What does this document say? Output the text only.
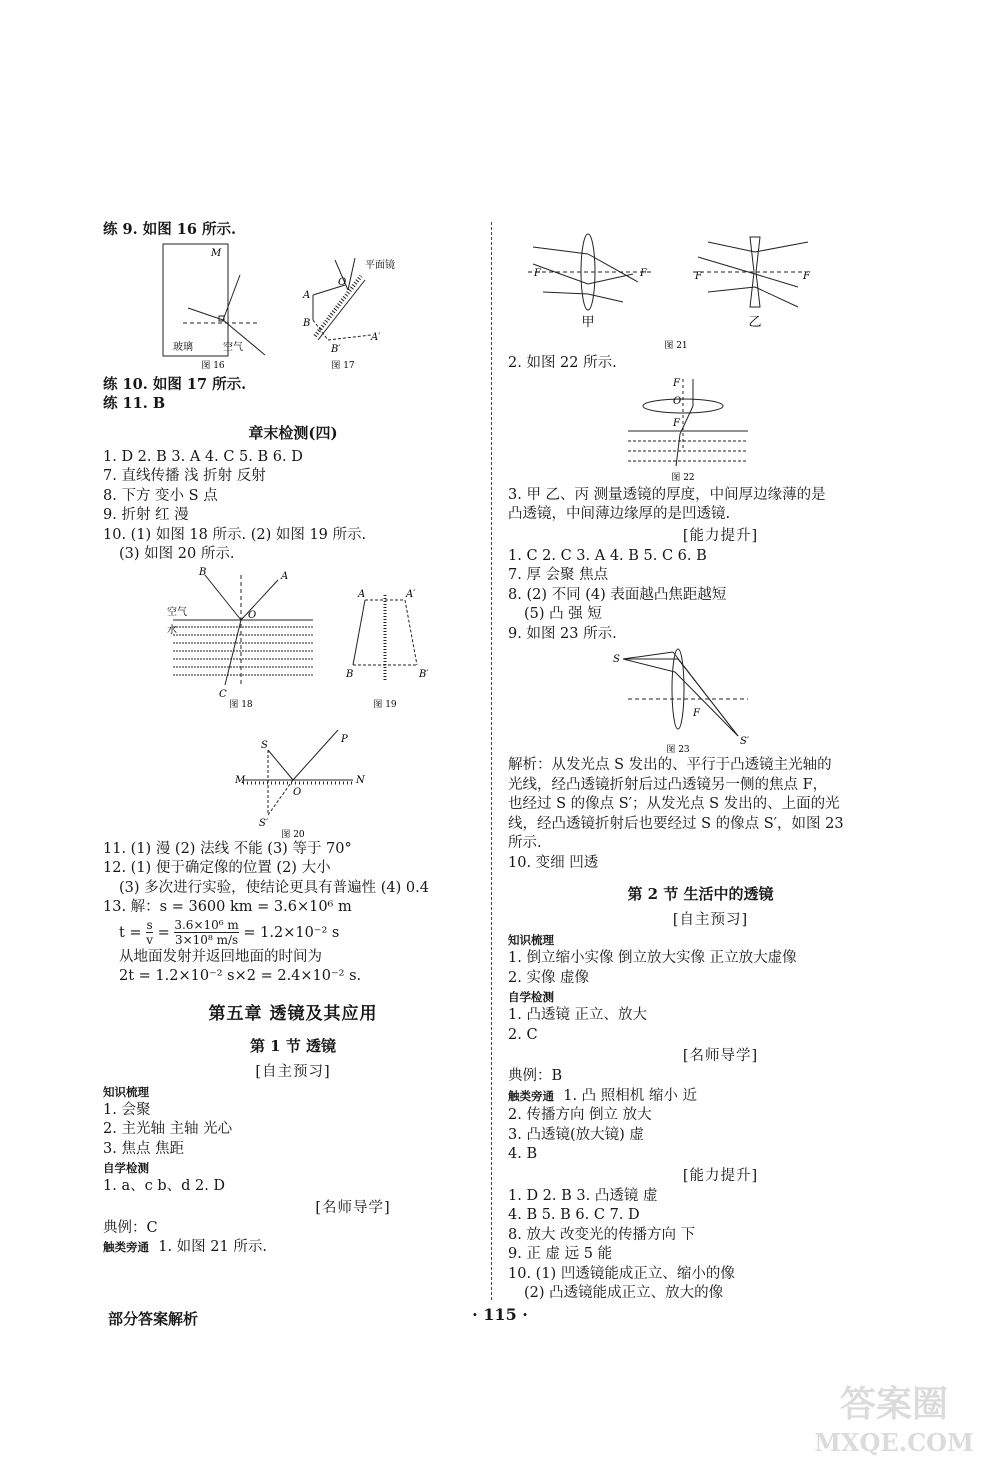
练 9. 如图 16 所示.
M
玻璃	空气
图 16
O
平面镜
A
B
A′
B′
图 17
练 10. 如图 17 所示.
练 11. B
章末检测(四)
1. D 2. B 3. A 4. C 5. B 6. D
7. 直线传播 浅 折射 反射
8. 下方 变小 S 点
9. 折射 红 漫
10. (1) 如图 18 所示. (2) 如图 19 所示.
(3) 如图 20 所示.
B	A
O
C
空气
水
图 18
A	A′
B	B′
图 19
S
P
M	N
O
S′
图 20
11. (1) 漫 (2) 法线 不能 (3) 等于 70°
12. (1) 便于确定像的位置 (2) 大小
(3) 多次进行实验，使结论更具有普遍性 (4) 0.4
13. 解：s = 3600 km = 3.6×10⁶ m
$t = \frac{s}{v} = \frac{\text{3.6×10⁶ m}}{\text{3×10⁸ m/s}} = 1.2\times 10^{-2}$ s
从地面发射并返回地面的时间为
2t = 1.2×10⁻² s×2 = 2.4×10⁻² s.
第五章 透镜及其应用
第 1 节 透镜
[自主预习]
知识梳理
1. 会聚
2. 主光轴 主轴 光心
3. 焦点 焦距
自学检测
1. a、c b、d 2. D
[名师导学]
典例：C
触类旁通 1. 如图 21 所示.
F	F	F	F
甲	乙
图 21
2. 如图 22 所示.
F
O
F
图 22
3. 甲 乙、丙 测量透镜的厚度，中间厚边缘薄的是
凸透镜，中间薄边缘厚的是凹透镜.
[能力提升]
1. C 2. C 3. A 4. B 5. C 6. B
7. 厚 会聚 焦点
8. (2) 不同 (4) 表面越凸焦距越短
(5) 凸 强 短
9. 如图 23 所示.
S
F
S′
图 23
解析：从发光点 S 发出的、平行于凸透镜主光轴的
光线，经凸透镜折射后过凸透镜另一侧的焦点 F，
也经过 S 的像点 S′；从发光点 S 发出的、上面的光
线，经凸透镜折射后也要经过 S 的像点 S′，如图 23
所示.
10. 变细 凹透
第 2 节 生活中的透镜
[自主预习]
知识梳理
1. 倒立缩小实像 倒立放大实像 正立放大虚像
2. 实像 虚像
自学检测
1. 凸透镜 正立、放大
2. C
[名师导学]
典例：B
触类旁通 1. 凸 照相机 缩小 近
2. 传播方向 倒立 放大
3. 凸透镜(放大镜) 虚
4. B
[能力提升]
1. D 2. B 3. 凸透镜 虚
4. B 5. B 6. C 7. D
8. 放大 改变光的传播方向 下
9. 正 虚 远 5 能
10. (1) 凹透镜能成正立、缩小的像
(2) 凸透镜能成正立、放大的像
· 115 ·
部分答案解析
答案圈
MXQE.COM
